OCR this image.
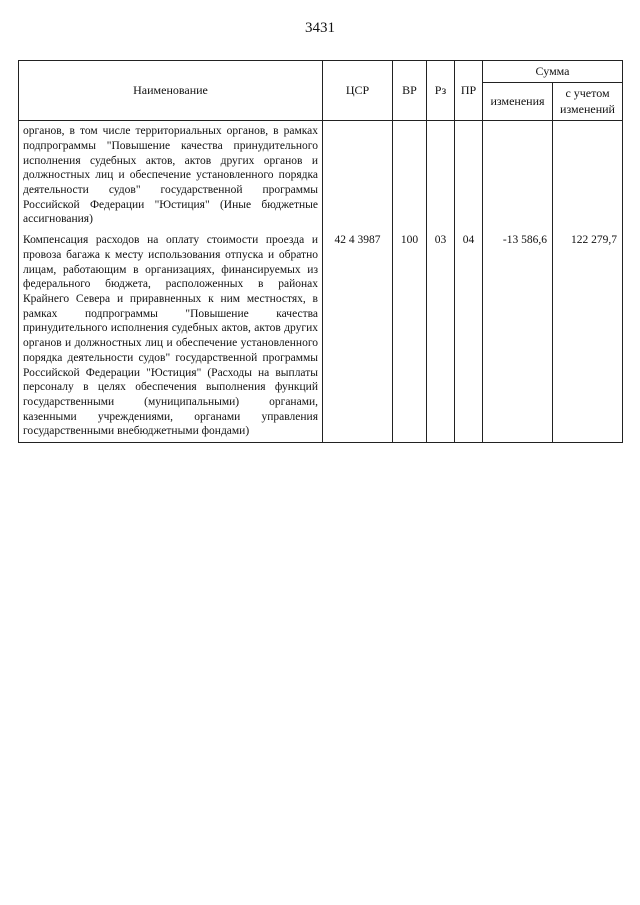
3431
Наименование	ЦСР	ВР	Рз	ПР	Сумма	
					изменения	с учетом изменений
органов, в том числе территориальных органов, в рамках подпрограммы "Повышение качества принудительного исполнения судебных актов, актов других органов и должностных лиц и обеспечение установленного порядка деятельности судов" государственной программы Российской Федерации "Юстиция" (Иные бюджетные ассигнования)						
Компенсация расходов на оплату стоимости проезда и провоза багажа к месту использования отпуска и обратно лицам, работающим в организациях, финансируемых из федерального бюджета, расположенных в районах Крайнего Севера и приравненных к ним местностях, в рамках подпрограммы "Повышение качества принудительного исполнения судебных актов, актов других органов и должностных лиц и обеспечение установленного порядка деятельности судов" государственной программы Российской Федерации "Юстиция" (Расходы на выплаты персоналу в целях обеспечения выполнения функций государственными (муниципальными) органами, казенными учреждениями, органами управления государственными внебюджетными фондами)	42 4 3987	100	03	04	-13 586,6	122 279,7
